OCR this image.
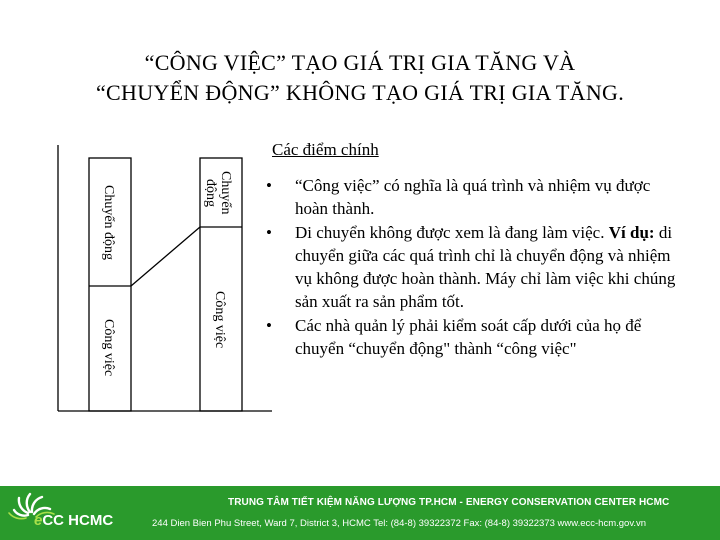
“CÔNG VIỆC” TẠO GIÁ TRỊ GIA TĂNG VÀ
“CHUYỂN ĐỘNG” KHÔNG TẠO GIÁ TRỊ GIA TĂNG.
Chuyển động
Công việc
Chuyển
động
Công việc
Các điểm chính
• “Công việc” có nghĩa là quá trình và nhiệm vụ được hoàn thành.
• Di chuyển không được xem là đang làm việc. Ví dụ: di chuyển giữa các quá trình chỉ là chuyển động và nhiệm vụ không được hoàn thành. Máy chỉ làm việc khi chúng sản xuất ra sản phẩm tốt.
• Các nhà quản lý phải kiểm soát cấp dưới của họ để chuyển “chuyển động" thành “công việc"
eCC HCMC
TRUNG TÂM TIẾT KIỆM NĂNG LƯỢNG TP.HCM - ENERGY CONSERVATION CENTER HCMC
244 Dien Bien Phu Street, Ward 7, District 3, HCMC Tel: (84-8) 39322372 Fax: (84-8) 39322373 www.ecc-hcm.gov.vn
